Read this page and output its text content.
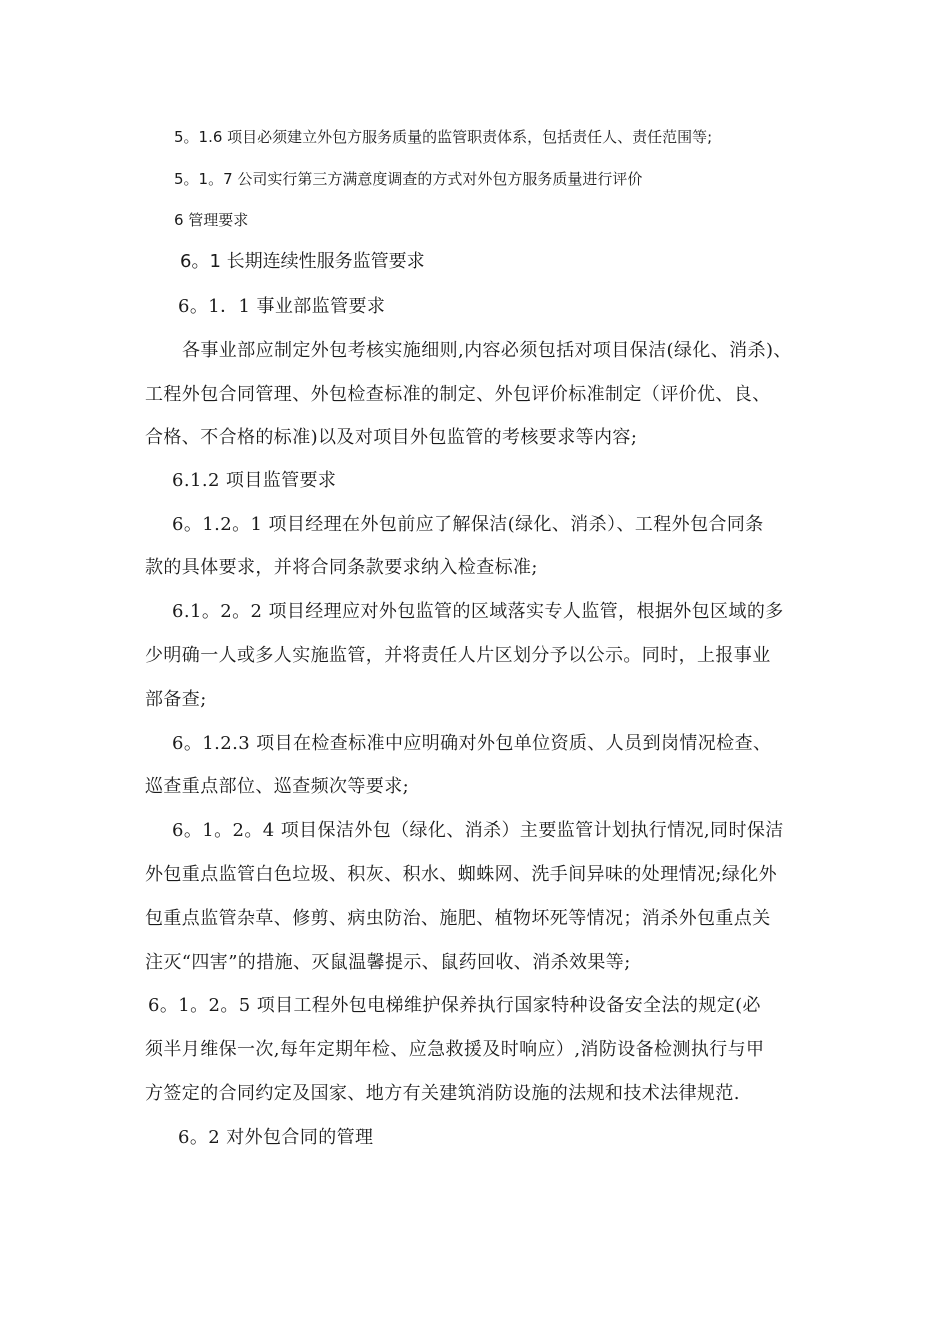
5。1.6 项目必须建立外包方服务质量的监管职责体系，包括责任人、责任范围等;
5。1。7 公司实行第三方满意度调查的方式对外包方服务质量进行评价
6 管理要求
6。1 长期连续性服务监管要求
6。1．1 事业部监管要求
各事业部应制定外包考核实施细则,内容必须包括对项目保洁(绿化、消杀)、
工程外包合同管理、外包检查标准的制定、外包评价标准制定（评价优、良、
合格、不合格的标准)以及对项目外包监管的考核要求等内容;
6.1.2 项目监管要求
6。1.2。1 项目经理在外包前应了解保洁(绿化、消杀）、工程外包合同条
款的具体要求，并将合同条款要求纳入检查标准;
6.1。2。2 项目经理应对外包监管的区域落实专人监管，根据外包区域的多
少明确一人或多人实施监管，并将责任人片区划分予以公示。同时，上报事业
部备查;
6。1.2.3 项目在检查标准中应明确对外包单位资质、人员到岗情况检查、
巡查重点部位、巡查频次等要求;
6。1。2。4 项目保洁外包（绿化、消杀）主要监管计划执行情况,同时保洁
外包重点监管白色垃圾、积灰、积水、蜘蛛网、洗手间异味的处理情况;绿化外
包重点监管杂草、修剪、病虫防治、施肥、植物坏死等情况；消杀外包重点关
注灭“四害”的措施、灭鼠温馨提示、鼠药回收、消杀效果等;
6。1。2。5 项目工程外包电梯维护保养执行国家特种设备安全法的规定(必
须半月维保一次,每年定期年检、应急救援及时响应）,消防设备检测执行与甲
方签定的合同约定及国家、地方有关建筑消防设施的法规和技术法律规范.
6。2 对外包合同的管理
